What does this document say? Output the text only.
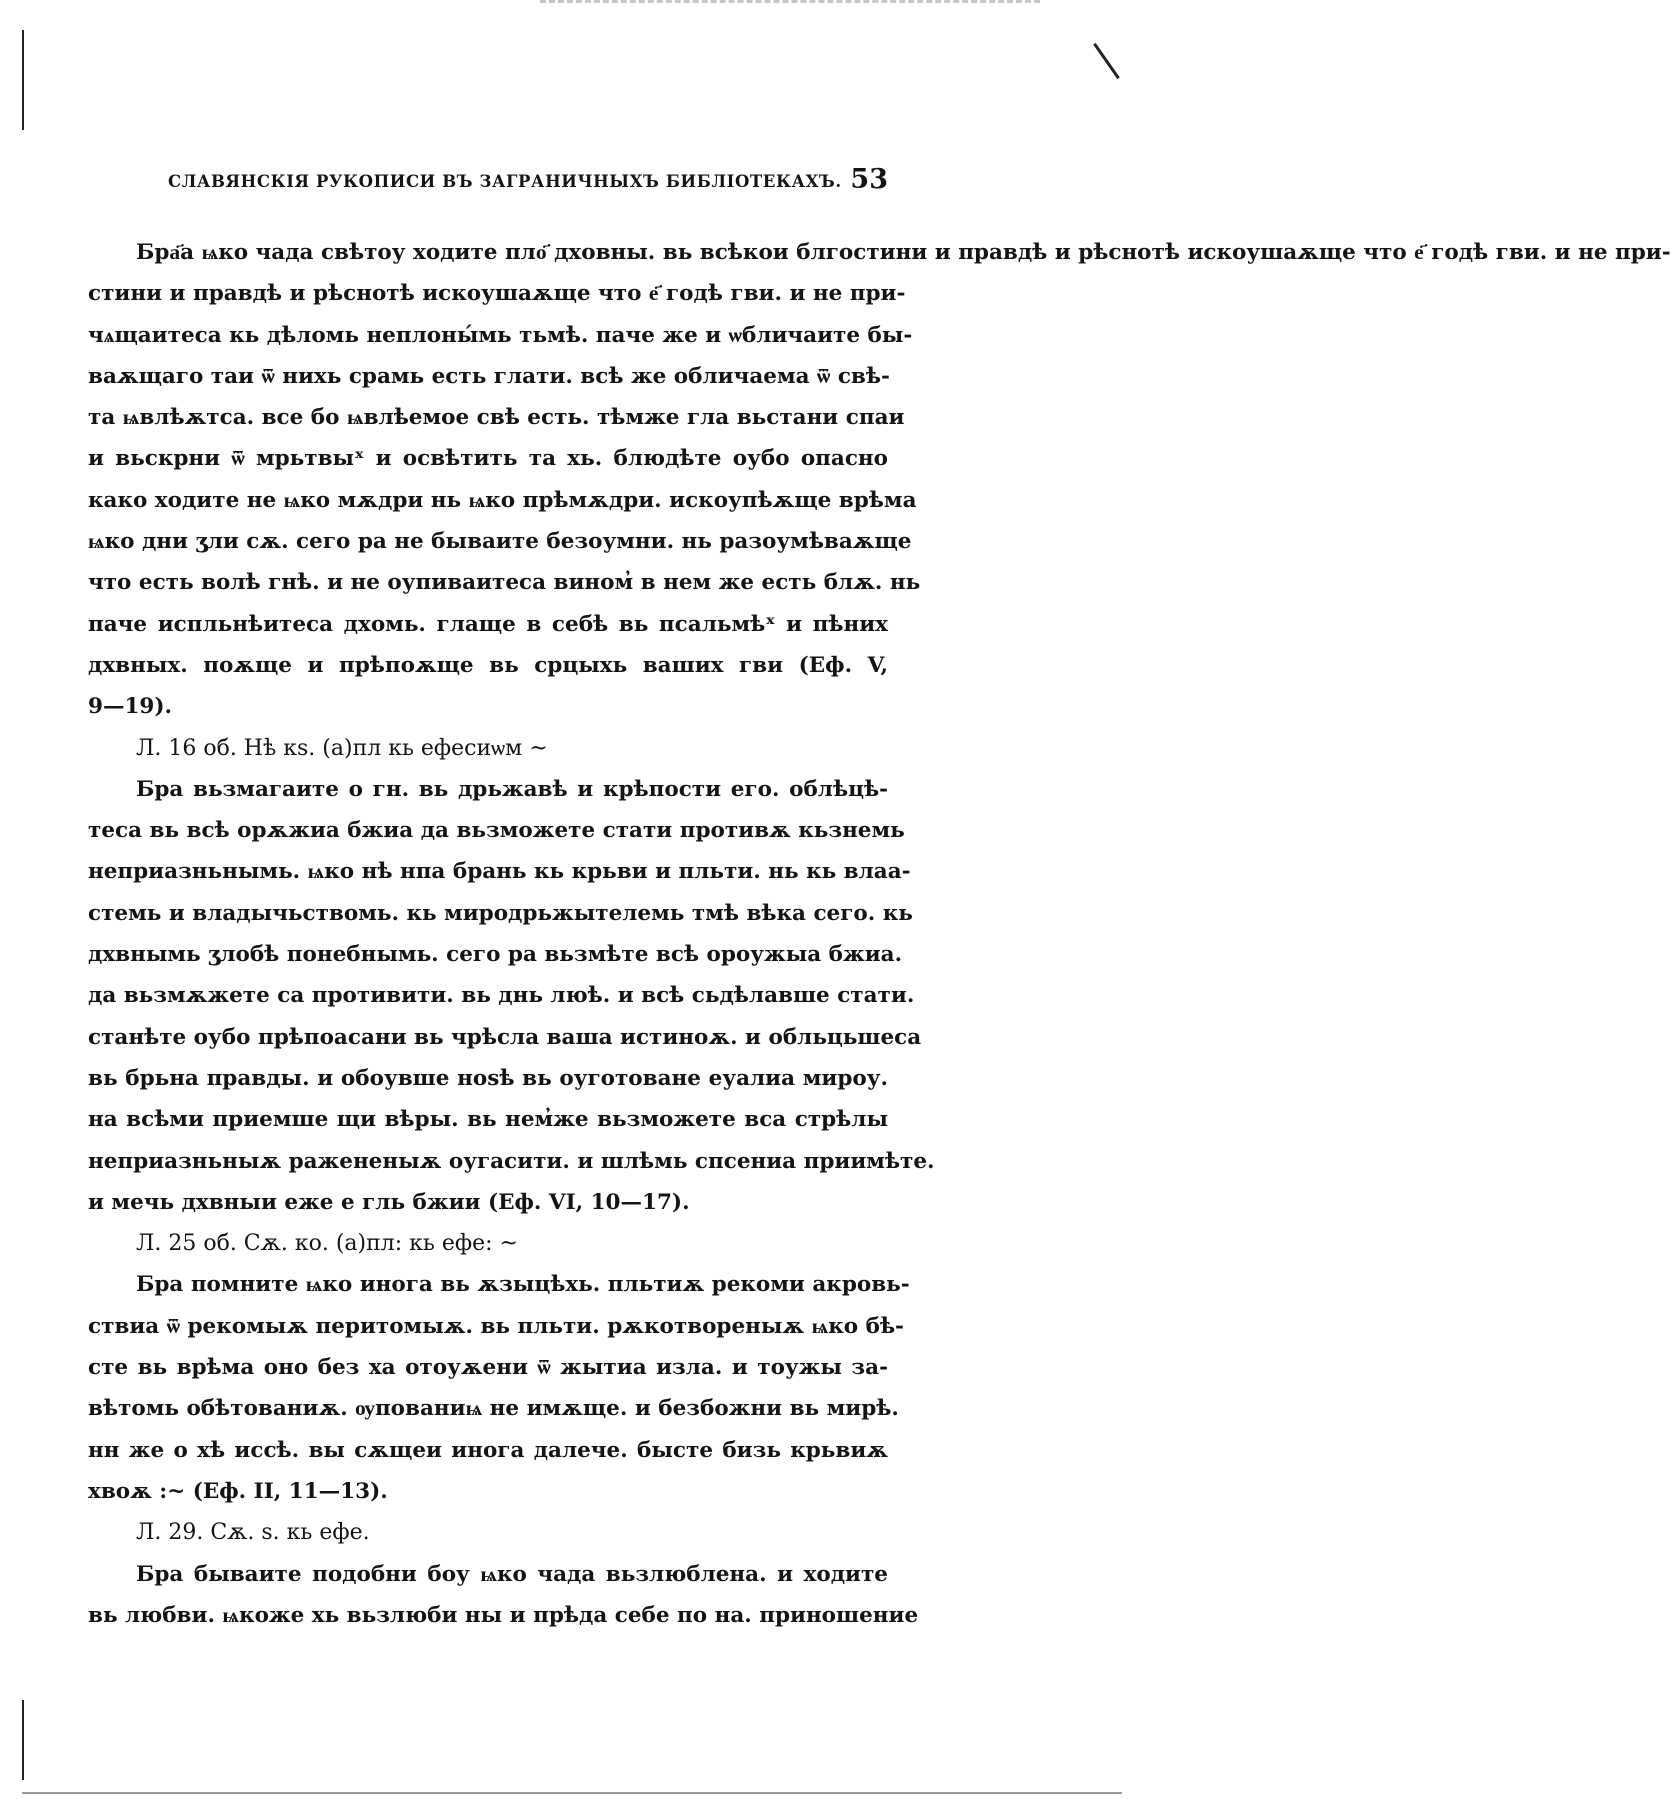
СЛАВЯНСКІЯ РУКОПИСИ ВЪ ЗАГРАНИЧНЫХЪ БИБЛІОТЕКАХЪ. 53
Бра҃а ѩко чада свѣтоу ходите пло҃ дховны. вь всѣкои блгостини и правдѣ и рѣснотѣ искоушаѫще что е҃ годѣ гви. и не при-
стини и правдѣ и рѣснотѣ искоушаѫще что е҃ годѣ гви. и не при-
чѧщаитеса кь дѣломь неплоны́мь тьмѣ. паче же и ѡбличаите бы-
ваѫщаго таи ѿ нихь срамь есть глати. всѣ же обличаема ѿ свѣ-
та ѩвлѣѫтса. все бо ѩвлѣемое свѣ есть. тѣмже гла вьстани спаи
и вьскрни ѿ мрьтвыˣ и освѣтить та хь. блюдѣте оубо опасно
како ходите не ѩко мѫдри нь ѩко прѣмѫдри. искоупѣѫще врѣма
ѩко дни ʒли сѫ. сего ра не бываите безоумни. нь разоумѣваѫще
что есть волѣ гнѣ. и не оупиваитеса вином̓ в нем же есть блѫ. нь
паче испльнѣитеса дхомь. глаще в себѣ вь псальмѣˣ и пѣних
дхвных. поѫще и прѣпоѫще вь срцыхь ваших гви (Еф. V,
9—19).
Л. 16 об. Нѣ кѕ. (а)пл кь ефесиѡм ~
Бра вьзмагаите о гн. вь дрьжавѣ и крѣпости его. облѣцѣ-
теса вь всѣ орѫжиа бжиа да вьзможете стати противѫ кьзнемь
неприазньнымь. ѩко нѣ нпа брань кь крьви и пльти. нь кь влаа-
стемь и владычьствомь. кь миродрьжытелемь тмѣ вѣка сего. кь
дхвнымь ʒлобѣ понебнымь. сего ра вьзмѣте всѣ ороужыа бжиа.
да вьзмѫжете са противити. вь днь люѣ. и всѣ сьдѣлавше стати.
станѣте оубо прѣпоасани вь чрѣсла ваша истиноѫ. и обльцьшеса
вь брьна правды. и обоувше ноѕѣ вь оуготоване еуалиа мироу.
на всѣми приемше щи вѣры. вь нем̓же вьзможете вса стрѣлы
неприазньныѫ ражененыѫ оугасити. и шлѣмь спсениа приимѣте.
и мечь дхвныи еже е гль бжии (Еф. VI, 10—17).
Л. 25 об. Сѫ. ко. (а)пл: кь ефе: ~
Бра помните ѩко инога вь ѫзыцѣхь. пльтиѫ рекоми акровь-
ствиа ѿ рекомыѫ перитомыѫ. вь пльти. рѫкотвореныѫ ѩко бѣ-
сте вь врѣма оно без ха отоуѫени ѿ жытиа изла. и тоужы за-
вѣтомь обѣтованиѫ. ѹпованиѩ не имѫще. и безбожни вь мирѣ.
нн же о хѣ иссѣ. вы сѫщеи инога далече. бысте бизь крьвиѫ
хвоѫ :~ (Еф. II, 11—13).
Л. 29. Сѫ. ѕ. кь ефе.
Бра бываите подобни боу ѩко чада вьзлюблена. и ходите
вь любви. ѩкоже хь вьзлюби ны и прѣда себе по на. приношение
